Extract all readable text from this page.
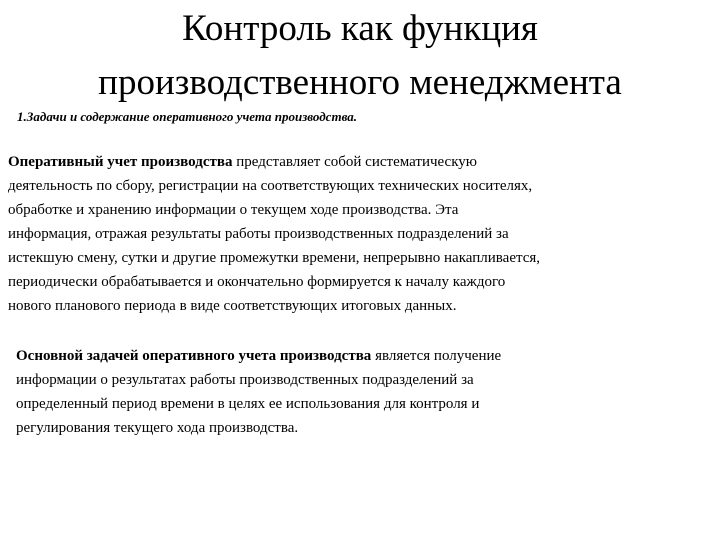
Контроль как функция
производственного менеджмента
1.Задачи и содержание оперативного учета производства.
Оперативный учет производства представляет собой систематическую
деятельность по сбору, регистрации на соответствующих технических носителях,
обработке и хранению информации о текущем ходе производства. Эта
информация, отражая результаты работы производственных подразделений за
истекшую смену, сутки и другие промежутки времени, непрерывно накапливается,
периодически обрабатывается и окончательно формируется к началу каждого
нового планового периода в виде соответствующих итоговых данных.
Основной задачей оперативного учета производства является получение
информации о результатах работы производственных подразделений за
определенный период времени в целях ее использования для контроля и
регулирования текущего хода производства.
